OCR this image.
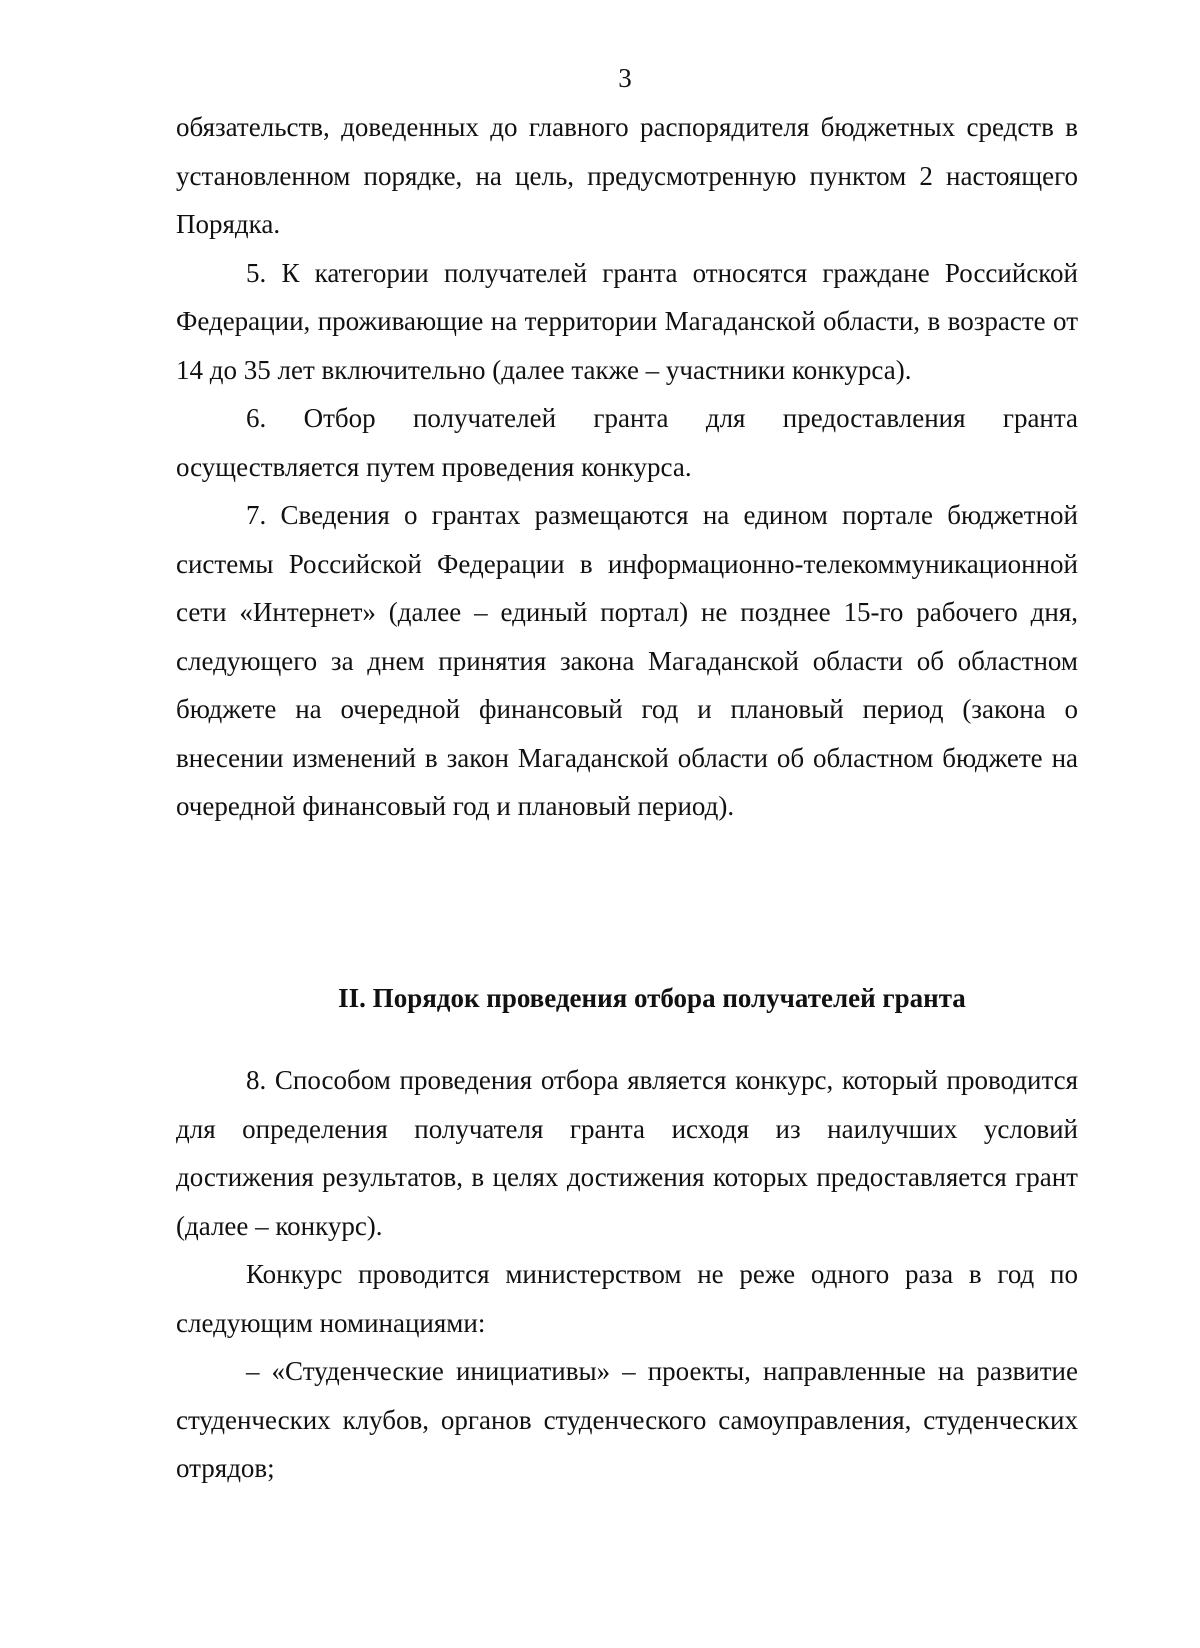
3

обязательств, доведенных до главного распорядителя бюджетных средств в установленном порядке, на цель, предусмотренную пунктом 2 настоящего Порядка.

5. К категории получателей гранта относятся граждане Российской Федерации, проживающие на территории Магаданской области, в возрасте от 14 до 35 лет включительно (далее также – участники конкурса).

6. Отбор получателей гранта для предоставления гранта осуществляется путем проведения конкурса.

7. Сведения о грантах размещаются на едином портале бюджетной системы Российской Федерации в информационно-телекоммуникационной сети «Интернет» (далее – единый портал) не позднее 15-го рабочего дня, следующего за днем принятия закона Магаданской области об областном бюджете на очередной финансовый год и плановый период (закона о внесении изменений в закон Магаданской области об областном бюджете на очередной финансовый год и плановый период).

II. Порядок проведения отбора получателей гранта

8. Способом проведения отбора является конкурс, который проводится для определения получателя гранта исходя из наилучших условий достижения результатов, в целях достижения которых предоставляется грант (далее – конкурс).

Конкурс проводится министерством не реже одного раза в год по следующим номинациями:

– «Студенческие инициативы» – проекты, направленные на развитие студенческих клубов, органов студенческого самоуправления, студенческих отрядов;
